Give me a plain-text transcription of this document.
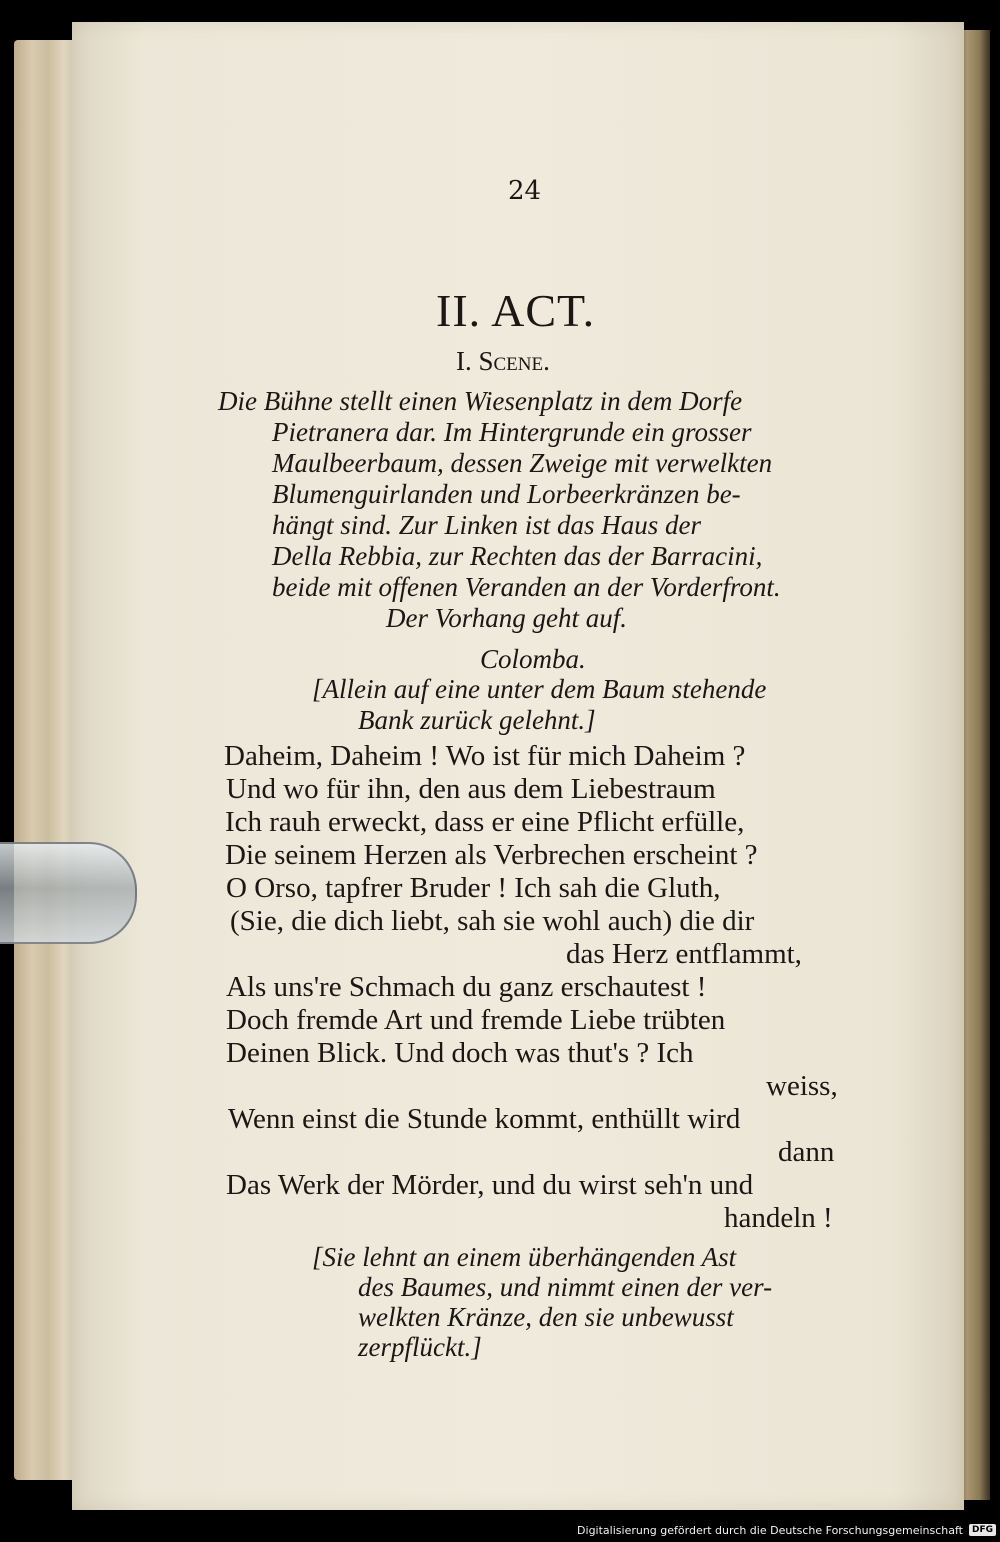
24
II. ACT.
I. Scene.
Die Bühne stellt einen Wiesenplatz in dem Dorfe
Pietranera dar. Im Hintergrunde ein grosser
Maulbeerbaum, dessen Zweige mit verwelkten
Blumenguirlanden und Lorbeerkränzen be-
hängt sind. Zur Linken ist das Haus der
Della Rebbia, zur Rechten das der Barracini,
beide mit offenen Veranden an der Vorderfront.
Der Vorhang geht auf.
Colomba.
[Allein auf eine unter dem Baum stehende
Bank zurück gelehnt.]
Daheim, Daheim ! Wo ist für mich Daheim ?
Und wo für ihn, den aus dem Liebestraum
Ich rauh erweckt, dass er eine Pflicht erfülle,
Die seinem Herzen als Verbrechen erscheint ?
O Orso, tapfrer Bruder ! Ich sah die Gluth,
(Sie, die dich liebt, sah sie wohl auch) die dir
das Herz entflammt,
Als uns're Schmach du ganz erschautest !
Doch fremde Art und fremde Liebe trübten
Deinen Blick. Und doch was thut's ? Ich
weiss,
Wenn einst die Stunde kommt, enthüllt wird
dann
Das Werk der Mörder, und du wirst seh'n und
handeln !
[Sie lehnt an einem überhängenden Ast
des Baumes, und nimmt einen der ver-
welkten Kränze, den sie unbewusst
zerpflückt.]
Digitalisierung gefördert durch die Deutsche Forschungsgemeinschaft	DFG
